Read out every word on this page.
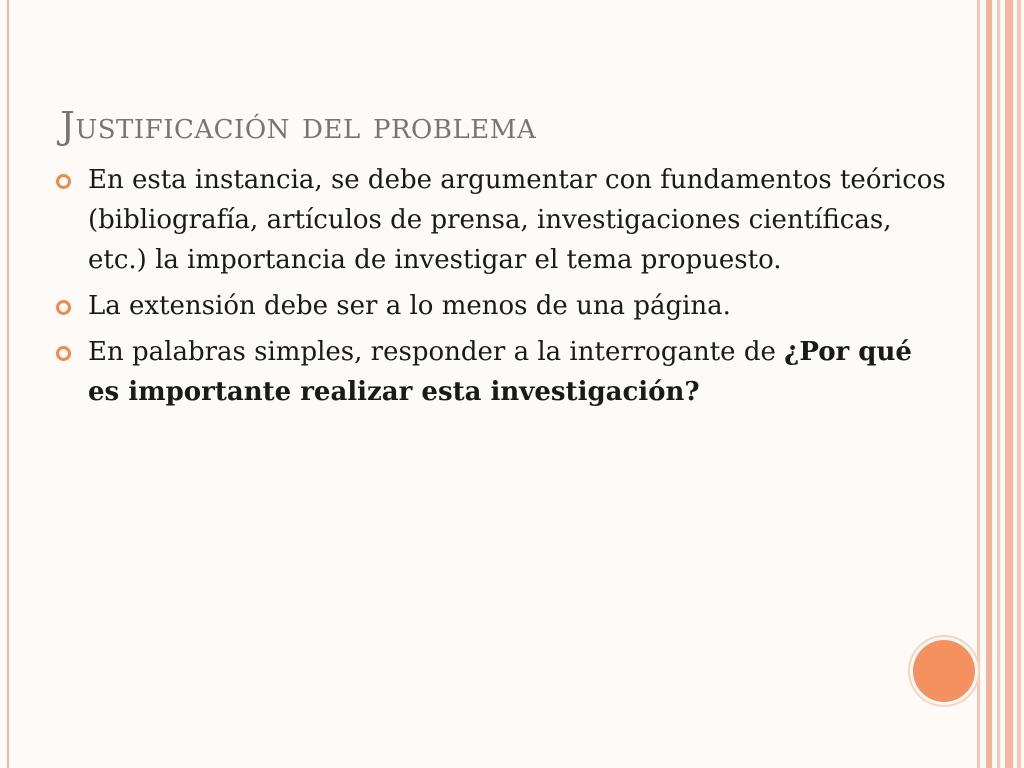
Justificación del problema
En esta instancia, se debe argumentar con fundamentos teóricos (bibliografía, artículos de prensa, investigaciones científicas, etc.) la importancia de investigar el tema propuesto.
La extensión debe ser a lo menos de una página.
En palabras simples, responder a la interrogante de ¿Por qué es importante realizar esta investigación?
